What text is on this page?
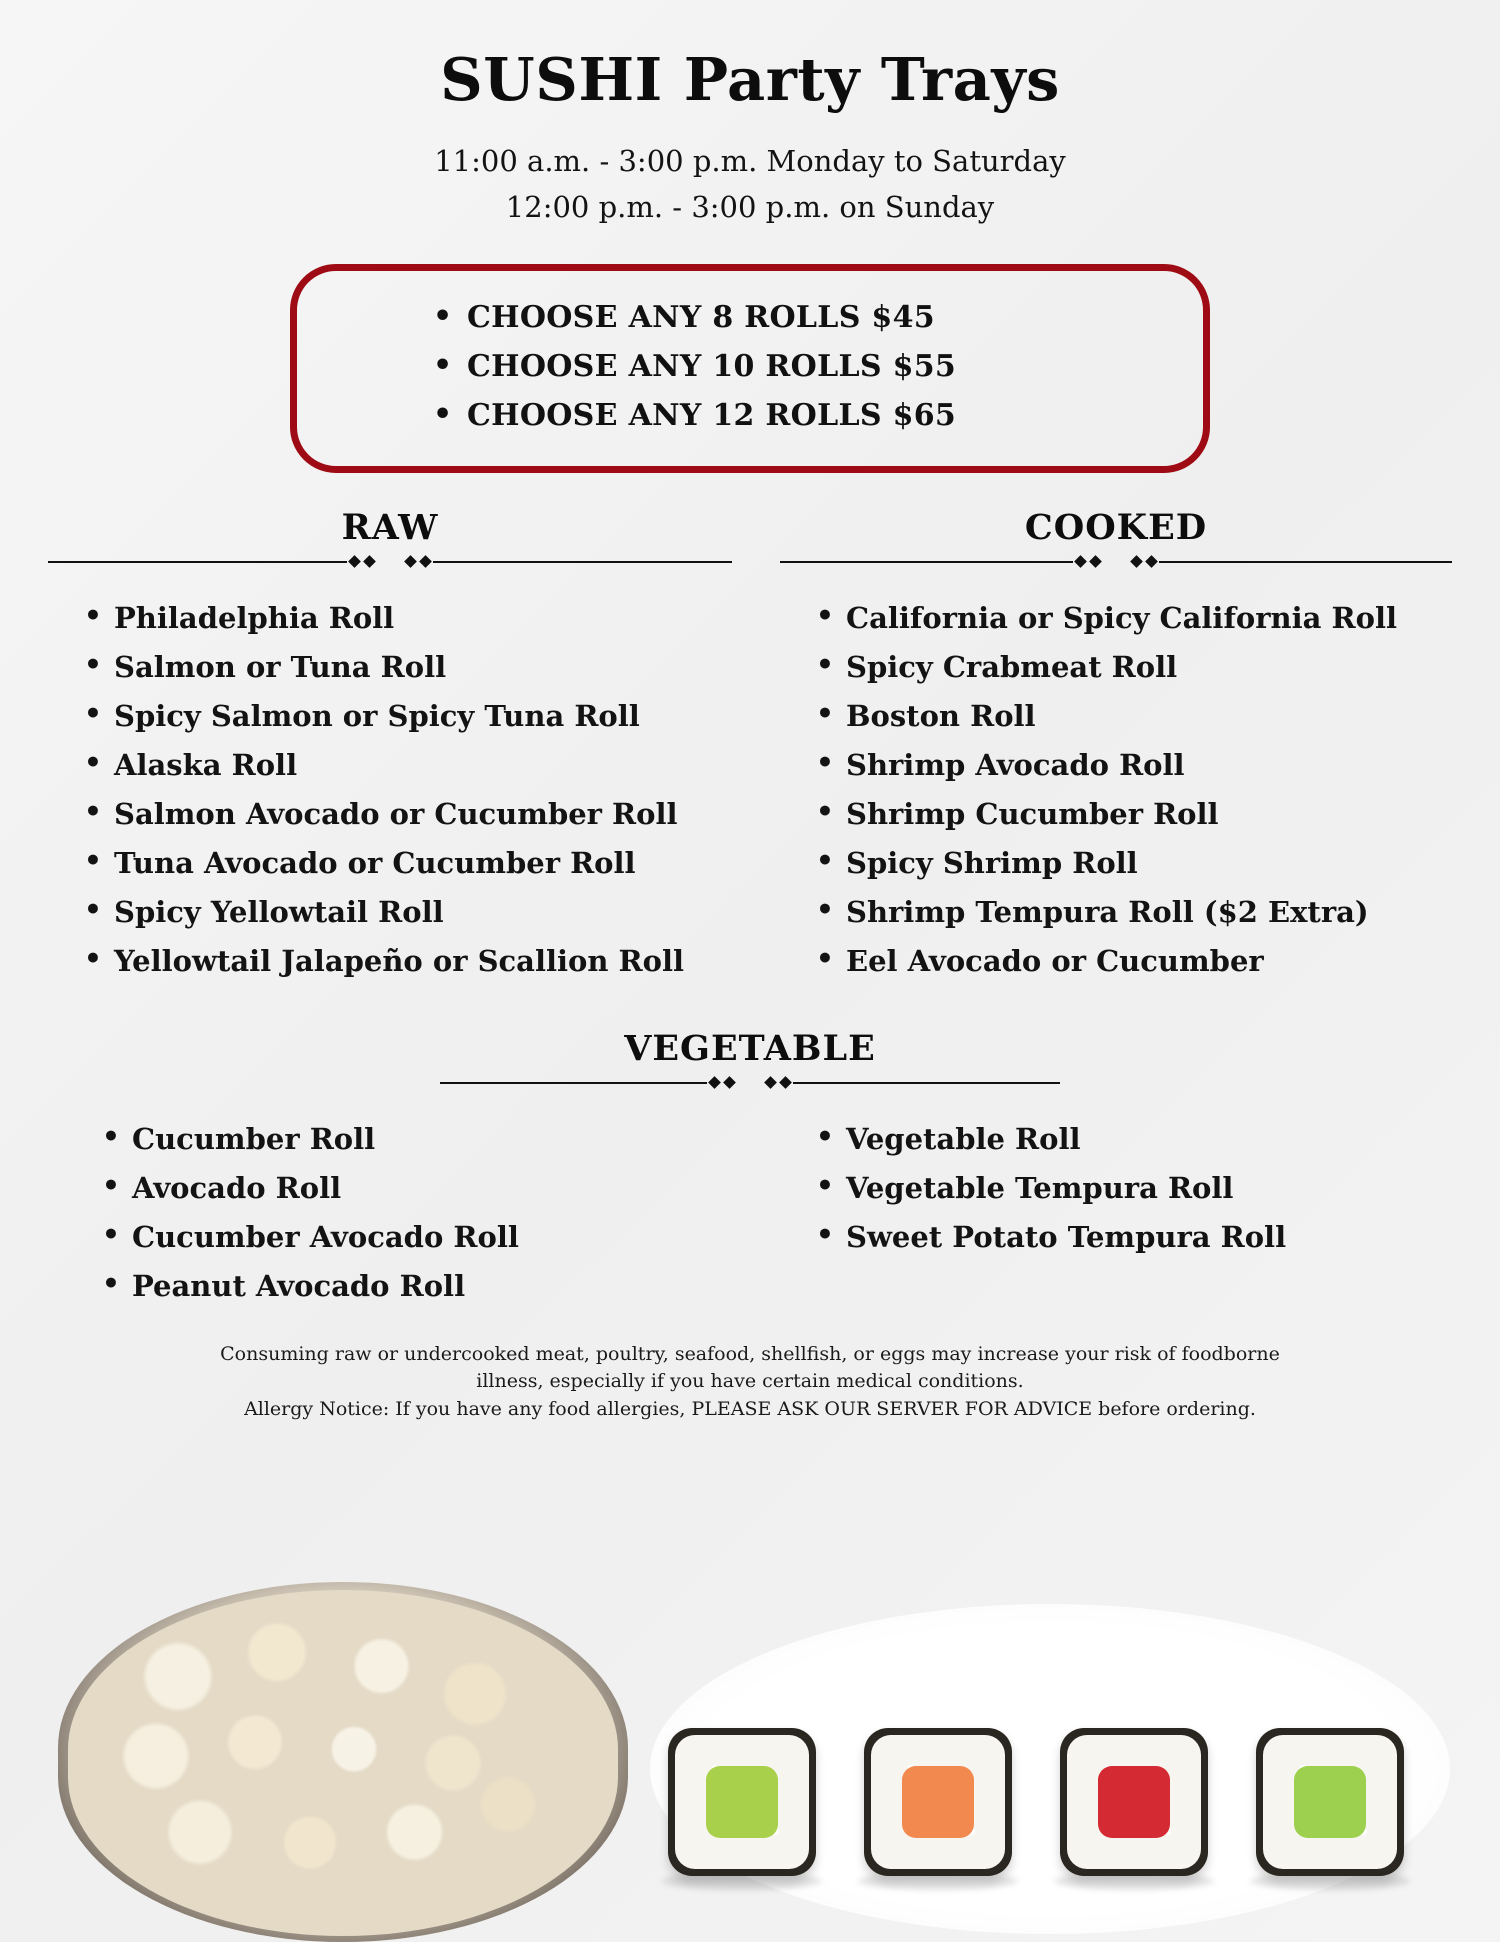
SUSHI Party Trays
11:00 a.m. - 3:00 p.m. Monday to Saturday
12:00 p.m. - 3:00 p.m. on Sunday
• CHOOSE ANY 8 ROLLS $45
• CHOOSE ANY 10 ROLLS $55
• CHOOSE ANY 12 ROLLS $65
RAW
• Philadelphia Roll
• Salmon or Tuna Roll
• Spicy Salmon or Spicy Tuna Roll
• Alaska Roll
• Salmon Avocado or Cucumber Roll
• Tuna Avocado or Cucumber Roll
• Spicy Yellowtail Roll
• Yellowtail Jalapeño or Scallion Roll
COOKED
• California or Spicy California Roll
• Spicy Crabmeat Roll
• Boston Roll
• Shrimp Avocado Roll
• Shrimp Cucumber Roll
• Spicy Shrimp Roll
• Shrimp Tempura Roll ($2 Extra)
• Eel Avocado or Cucumber
VEGETABLE
• Cucumber Roll
• Avocado Roll
• Cucumber Avocado Roll
• Peanut Avocado Roll
• Vegetable Roll
• Vegetable Tempura Roll
• Sweet Potato Tempura Roll
Consuming raw or undercooked meat, poultry, seafood, shellfish, or eggs may increase your risk of foodborne
illness, especially if you have certain medical conditions.
Allergy Notice: If you have any food allergies, PLEASE ASK OUR SERVER FOR ADVICE before ordering.
